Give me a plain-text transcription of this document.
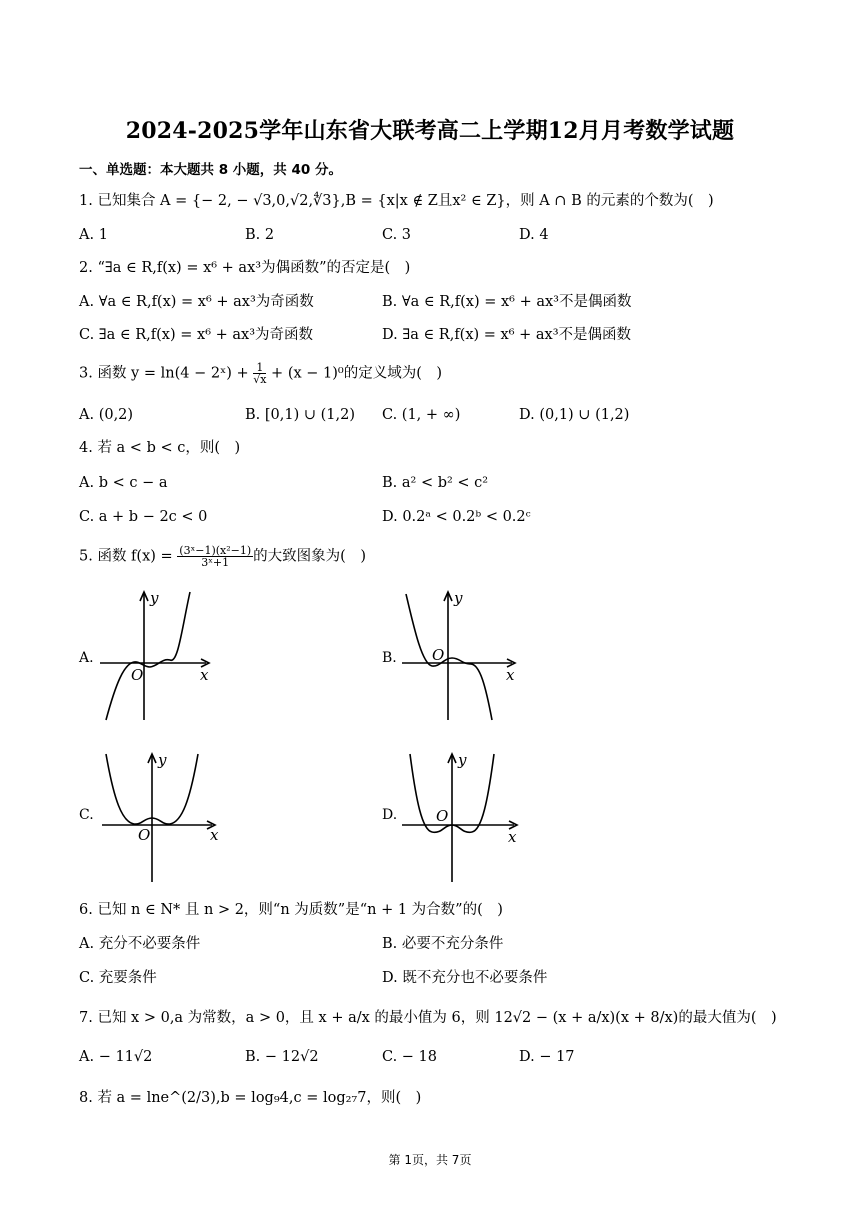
2024-2025学年山东省大联考高二上学期12月月考数学试题
一、单选题：本大题共 8 小题，共 40 分。
1. 已知集合 A = {− 2, − √3,0,√2,∜3},B = {x|x ∉ Z且x² ∈ Z}，则 A ∩ B 的元素的个数为(　)
A. 1	B. 2	C. 3	D. 4
2. “∃a ∈ R,f(x) = x⁶ + ax³为偶函数”的否定是(　)
A. ∀a ∈ R,f(x) = x⁶ + ax³为奇函数	B. ∀a ∈ R,f(x) = x⁶ + ax³不是偶函数
C. ∃a ∈ R,f(x) = x⁶ + ax³为奇函数	D. ∃a ∈ R,f(x) = x⁶ + ax³不是偶函数
3. 函数 y = ln(4 − 2ˣ) + $\frac{1}{√x} + (x - 1)^0$的定义域为(　)
A. (0,2)	B. [0,1) ∪ (1,2) C. (1, + ∞)	D. (0,1) ∪ (1,2)
4. 若 a < b < c，则(　)
A. b < c − a	B. a² < b² < c²
C. a + b − 2c < 0	D. 0.2ᵃ < 0.2ᵇ < 0.2ᶜ
5. 函数 $f(x) = \frac{\text{(3ˣ−1)(x²−1)}}{\text{3ˣ+1}}$ 的大致图象为(　)
A.	B.
C.	D.
y
x
O
y
x
O
y
x
O
y
x
O
6. 已知 n ∈ N* 且 n > 2，则“n 为质数”是“n + 1 为合数”的(　)
A. 充分不必要条件	B. 必要不充分条件
C. 充要条件	D. 既不充分也不必要条件
7. 已知 x > 0,a 为常数，a > 0，且 x + a/x 的最小值为 6，则 12√2 − (x + a/x)(x + 8/x)的最大值为(　)
A. − 11√2	B. − 12√2	C. − 18	D. − 17
8. 若 a = lne^(2/3),b = log₉4,c = log₂₇7，则(　)
第 1页，共 7页
